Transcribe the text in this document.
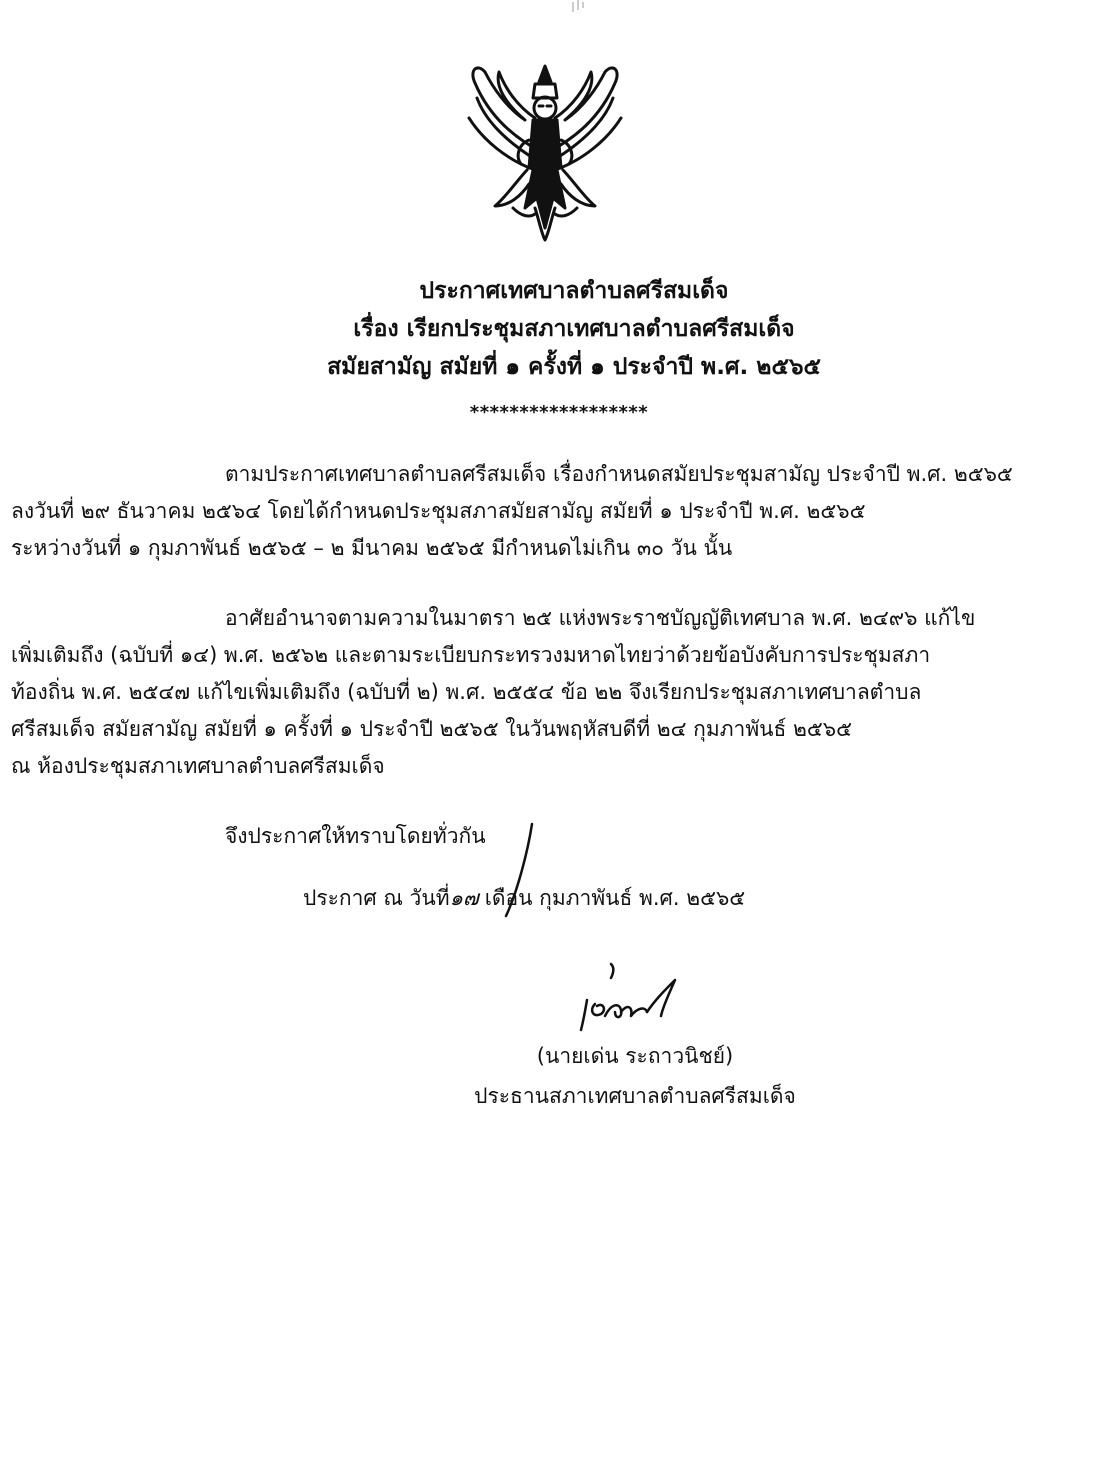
ประกาศเทศบาลตำบลศรีสมเด็จ
เรื่อง เรียกประชุมสภาเทศบาลตำบลศรีสมเด็จ
สมัยสามัญ สมัยที่ ๑ ครั้งที่ ๑ ประจำปี พ.ศ. ๒๕๖๕
******************

ตามประกาศเทศบาลตำบลศรีสมเด็จ เรื่องกำหนดสมัยประชุมสามัญ ประจำปี พ.ศ. ๒๕๖๕
ลงวันที่ ๒๙ ธันวาคม ๒๕๖๔ โดยได้กำหนดประชุมสภาสมัยสามัญ สมัยที่ ๑ ประจำปี พ.ศ. ๒๕๖๕
ระหว่างวันที่ ๑ กุมภาพันธ์ ๒๕๖๕ – ๒ มีนาคม ๒๕๖๕ มีกำหนดไม่เกิน ๓๐ วัน นั้น

อาศัยอำนาจตามความในมาตรา ๒๕ แห่งพระราชบัญญัติเทศบาล พ.ศ. ๒๔๙๖ แก้ไข
เพิ่มเติมถึง (ฉบับที่ ๑๔) พ.ศ. ๒๕๖๒ และตามระเบียบกระทรวงมหาดไทยว่าด้วยข้อบังคับการประชุมสภา
ท้องถิ่น พ.ศ. ๒๕๔๗ แก้ไขเพิ่มเติมถึง (ฉบับที่ ๒) พ.ศ. ๒๕๕๔ ข้อ ๒๒ จึงเรียกประชุมสภาเทศบาลตำบล
ศรีสมเด็จ สมัยสามัญ สมัยที่ ๑ ครั้งที่ ๑ ประจำปี ๒๕๖๕ ในวันพฤหัสบดีที่ ๒๔ กุมภาพันธ์ ๒๕๖๕
ณ ห้องประชุมสภาเทศบาลตำบลศรีสมเด็จ

จึงประกาศให้ทราบโดยทั่วกัน
ประกาศ ณ วันที่๑๗ เดือน กุมภาพันธ์ พ.ศ. ๒๕๖๕
(นายเด่น ระถาวนิชย์)
ประธานสภาเทศบาลตำบลศรีสมเด็จ
